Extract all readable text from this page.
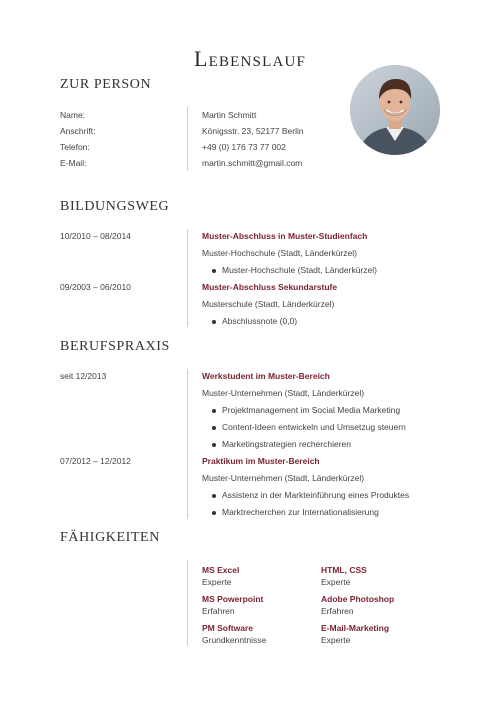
Lebenslauf
ZUR PERSON
Name:	Martin Schmitt
Anschrift:	Königsstr. 23, 52177 Berlin
Telefon:	+49 (0) 176 73 77 002
E-Mail:	martin.schmitt@gmail.com
BILDUNGSWEG
10/2010 – 08/2014	Muster-Abschluss in Muster-Studienfach
Muster-Hochschule (Stadt, Länderkürzel)
Muster-Hochschule (Stadt, Länderkürzel)
09/2003 – 06/2010	Muster-Abschluss Sekundarstufe
Musterschule (Stadt, Länderkürzel)
Abschlussnote (0,0)
BERUFSPRAXIS
seit 12/2013	Werkstudent im Muster-Bereich
Muster-Unternehmen (Stadt, Länderkürzel)
Projektmanagement im Social Media Marketing
Content-Ideen entwickeln und Umsetzug steuern
Marketingstrategien recherchieren
07/2012 – 12/2012	Praktikum im Muster-Bereich
Muster-Unternehmen (Stadt, Länderkürzel)
Assistenz in der Markteinführung eines Produktes
Marktrecherchen zur Internationalisierung
FÄHIGKEITEN
MS Excel
Experte
HTML, CSS
Experte
MS Powerpoint
Erfahren
Adobe Photoshop
Erfahren
PM Software
Grundkenntnisse
E-Mail-Marketing
Experte
